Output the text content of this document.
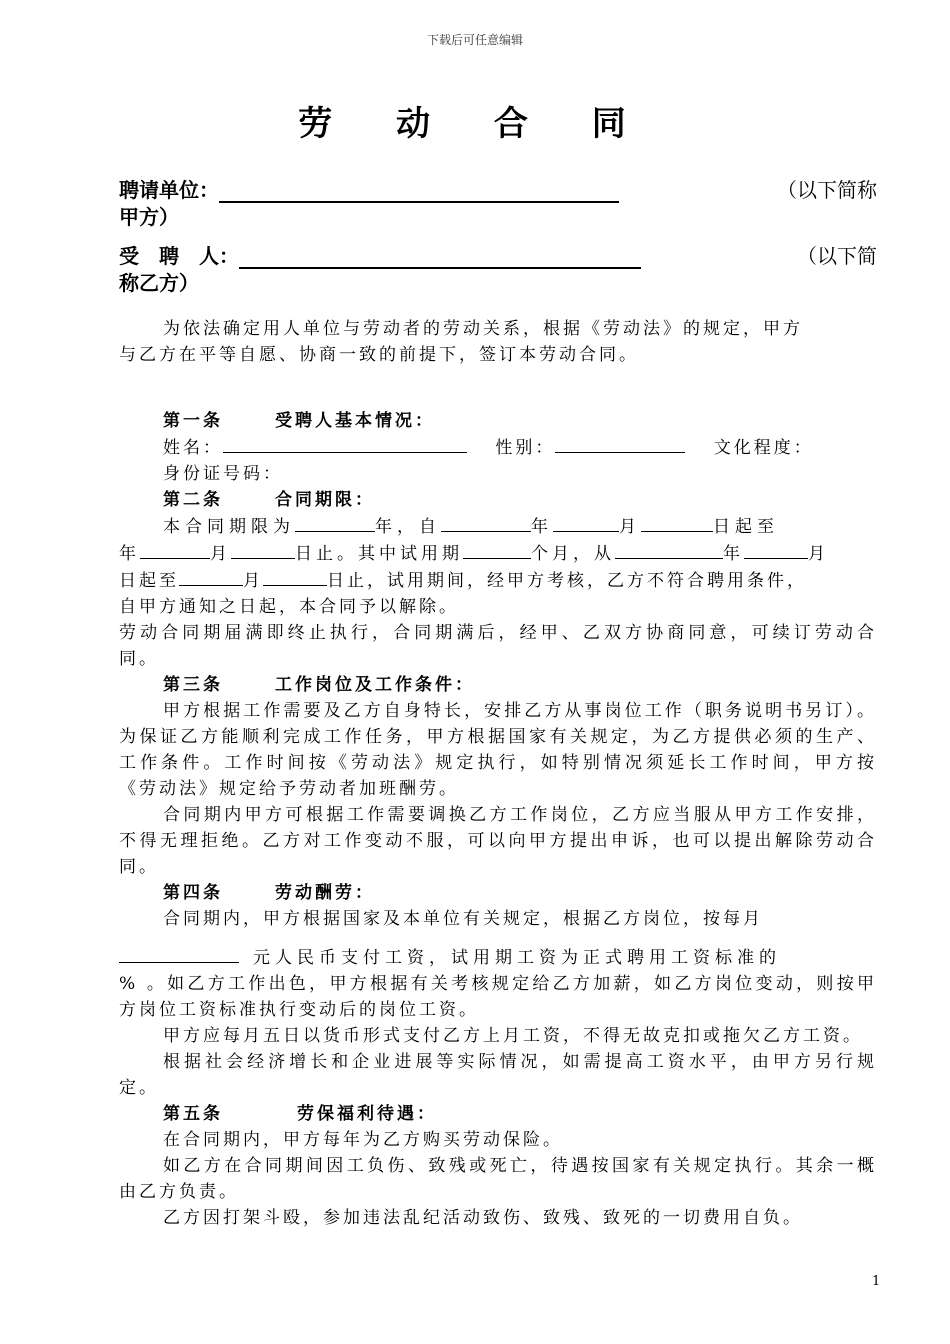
下载后可任意编辑
劳 动 合 同
聘请单位：	（以下简称
甲方）
受　聘　人：	（以下简
称乙方）

为依法确定用人单位与劳动者的劳动关系，根据《劳动法》的规定，甲方

与乙方在平等自愿、协商一致的前提下，签订本劳动合同。

第一条	受聘人基本情况：

姓名：	性别：	文化程度：

身份证号码：

第二条	合同期限：

本合同期限为	年，自	年	月	日起至

年	月	日止。其中试用期	个月，从	年	月

日起至	月	日止，试用期间，经甲方考核，乙方不符合聘用条件，

自甲方通知之日起，本合同予以解除。

劳动合同期届满即终止执行，合同期满后，经甲、乙双方协商同意，可续订劳动合同。

第三条	工作岗位及工作条件：

甲方根据工作需要及乙方自身特长，安排乙方从事岗位工作（职务说明书另订）。为保证乙方能顺利完成工作任务，甲方根据国家有关规定，为乙方提供必须的生产、工作条件。工作时间按《劳动法》规定执行，如特别情况须延长工作时间，甲方按《劳动法》规定给予劳动者加班酬劳。

合同期内甲方可根据工作需要调换乙方工作岗位，乙方应当服从甲方工作安排，不得无理拒绝。乙方对工作变动不服，可以向甲方提出申诉，也可以提出解除劳动合同。

第四条	劳动酬劳：

合同期内，甲方根据国家及本单位有关规定，根据乙方岗位，按每月

元人民币支付工资，试用期工资为正式聘用工资标准的

% 。如乙方工作出色，甲方根据有关考核规定给乙方加薪，如乙方岗位变动，则按甲方岗位工资标准执行变动后的岗位工资。

甲方应每月五日以货币形式支付乙方上月工资，不得无故克扣或拖欠乙方工资。

根据社会经济增长和企业进展等实际情况，如需提高工资水平，由甲方另行规定。

第五条	劳保福利待遇：

在合同期内，甲方每年为乙方购买劳动保险。

如乙方在合同期间因工负伤、致残或死亡，待遇按国家有关规定执行。其余一概由乙方负责。

乙方因打架斗殴，参加违法乱纪活动致伤、致残、致死的一切费用自负。

1
